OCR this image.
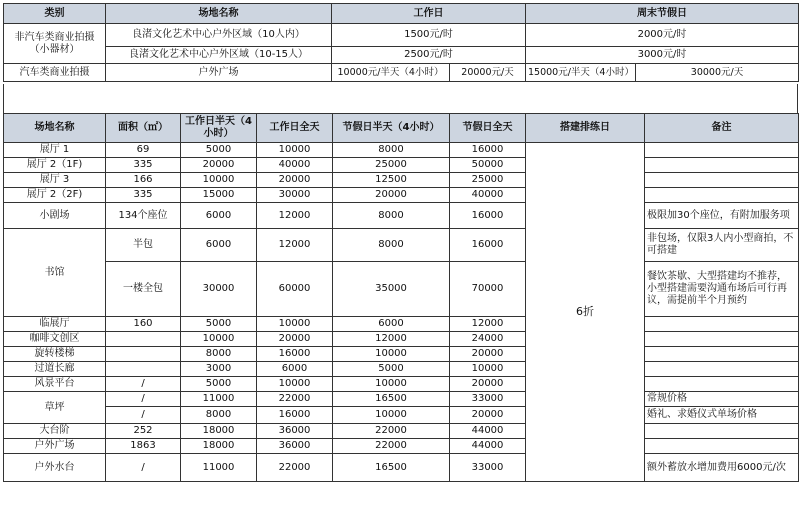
类别	场地名称	工作日		周末节假日	
非汽车类商业拍摄（小器材）	良渚文化艺术中心户外区域（10人内）	1500元/时		2000元/时	
	良渚文化艺术中心户外区域（10-15人）	2500元/时		3000元/时	
汽车类商业拍摄	户外广场	10000元/半天（4小时）	20000元/天	15000元/半天（4小时）	30000元/天
场地名称	面积（㎡）	工作日半天（4小时）	工作日全天	节假日半天（4小时）	节假日全天	搭建排练日	备注
展厅 1	69	5000	10000	8000	16000	6折	
展厅 2（1F)	335	20000	40000	25000	50000		
展厅 3	166	10000	20000	12500	25000		
展厅 2（2F)	335	15000	30000	20000	40000		
小剧场	134个座位	6000	12000	8000	16000		极限加30个座位，有附加服务项
书馆	半包	6000	12000	8000	16000		非包场，仅限3人内小型商拍，不可搭建
	一楼全包	30000	60000	35000	70000		餐饮茶歇、大型搭建均不推荐，小型搭建需要沟通布场后可行再议，需提前半个月预约
临展厅	160	5000	10000	6000	12000		
咖啡文创区		10000	20000	12000	24000		
旋转楼梯		8000	16000	10000	20000		
过道长廊		3000	6000	5000	10000		
风景平台	/	5000	10000	10000	20000		
草坪	/	11000	22000	16500	33000		常规价格
	/	8000	16000	10000	20000		婚礼、求婚仪式单场价格
大台阶	252	18000	36000	22000	44000		
户外广场	1863	18000	36000	22000	44000		
户外水台	/	11000	22000	16500	33000		额外蓄放水增加费用6000元/次
